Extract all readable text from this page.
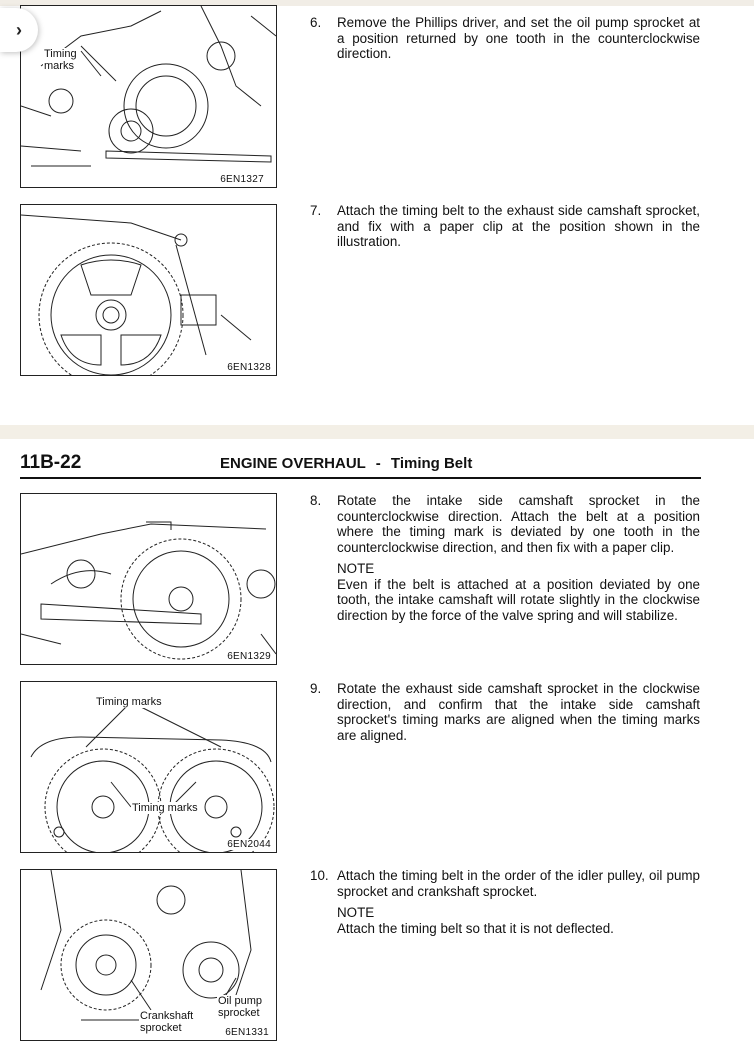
›
Timing
marks
6EN1327
6. Remove the Phillips driver, and set the oil pump sprocket at a position returned by one tooth in the counterclockwise direction.
6EN1328
7. Attach the timing belt to the exhaust side camshaft sprocket, and fix with a paper clip at the position shown in the illustration.
11B-22	ENGINE OVERHAUL - Timing Belt
6EN1329
8. Rotate the intake side camshaft sprocket in the counterclockwise direction. Attach the belt at a position where the timing mark is deviated by one tooth in the counterclockwise direction, and then fix with a paper clip.
NOTE
Even if the belt is attached at a position deviated by one tooth, the intake camshaft will rotate slightly in the clockwise direction by the force of the valve spring and will stabilize.
Timing marks
Timing marks
6EN2044
9. Rotate the exhaust side camshaft sprocket in the clockwise direction, and confirm that the intake side camshaft sprocket's timing marks are aligned when the timing marks are aligned.
Oil pump
sprocket
Crankshaft
sprocket	6EN1331
10. Attach the timing belt in the order of the idler pulley, oil pump sprocket and crankshaft sprocket.
NOTE
Attach the timing belt so that it is not deflected.
